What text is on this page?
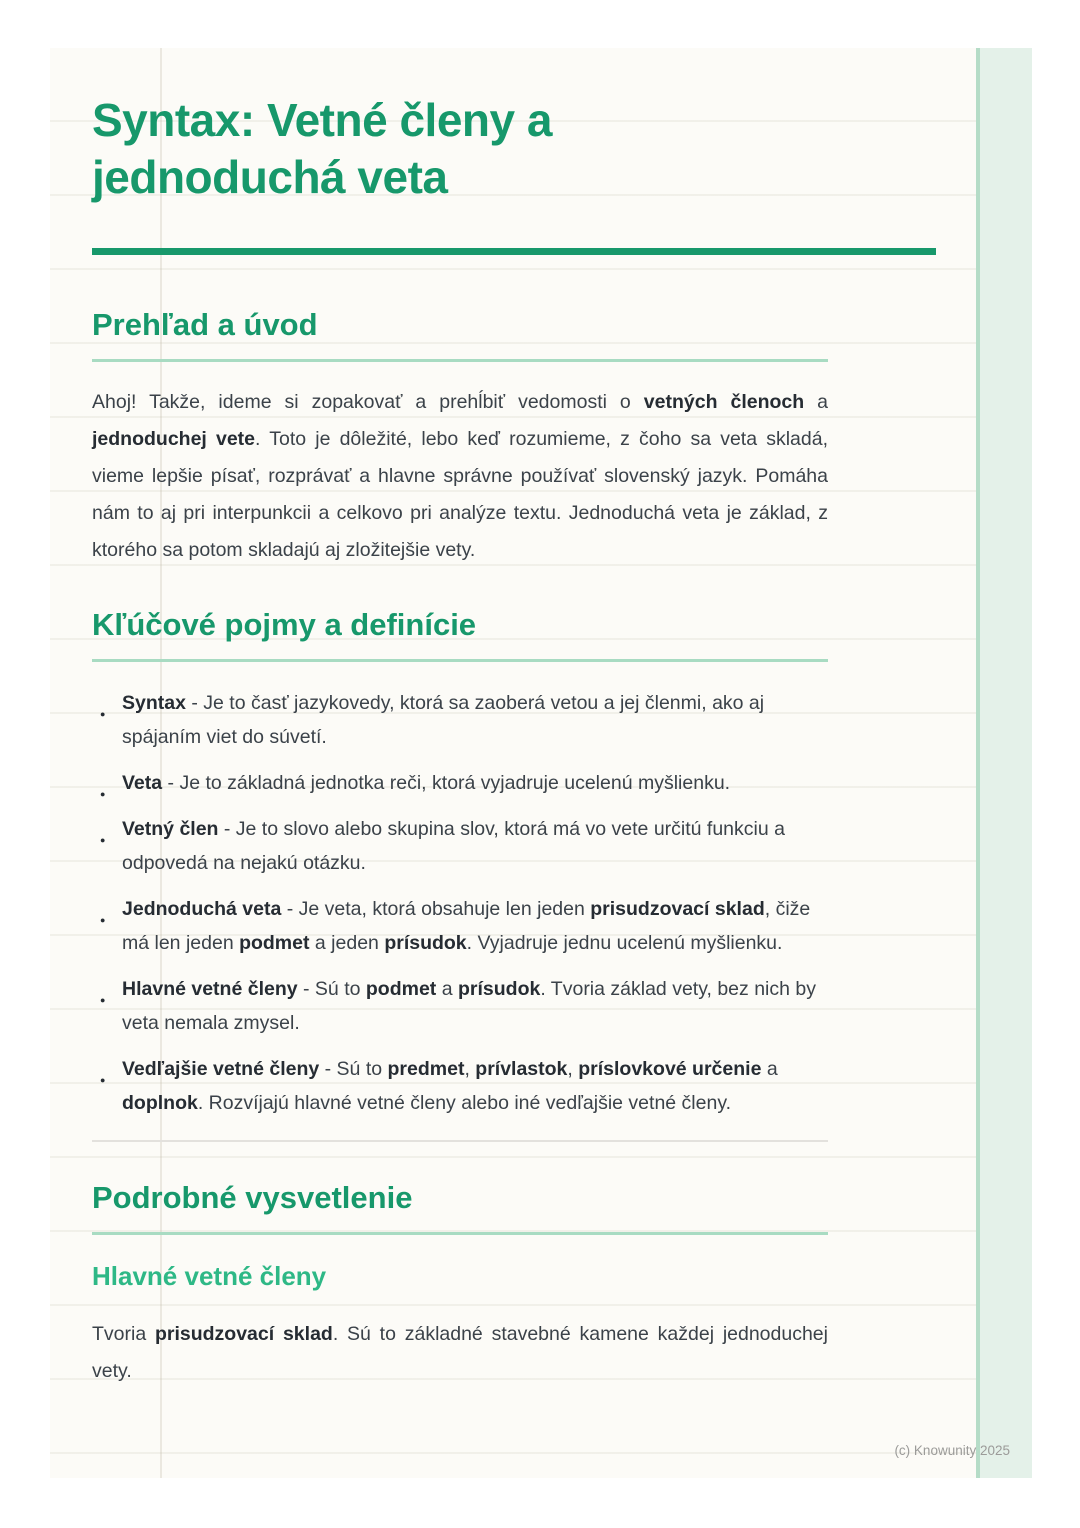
Syntax: Vetné členy a jednoduchá veta
Prehľad a úvod

Ahoj! Takže, ideme si zopakovať a prehĺbiť vedomosti o vetných členoch a jednoduchej vete. Toto je dôležité, lebo keď rozumieme, z čoho sa veta skladá, vieme lepšie písať, rozprávať a hlavne správne používať slovenský jazyk. Pomáha nám to aj pri interpunkcii a celkovo pri analýze textu. Jednoduchá veta je základ, z ktorého sa potom skladajú aj zložitejšie vety.

Kľúčové pojmy a definície
● Syntax - Je to časť jazykovedy, ktorá sa zaoberá vetou a jej členmi, ako aj spájaním viet do súvetí.
● Veta - Je to základná jednotka reči, ktorá vyjadruje ucelenú myšlienku.
● Vetný člen - Je to slovo alebo skupina slov, ktorá má vo vete určitú funkciu a odpovedá na nejakú otázku.
● Jednoduchá veta - Je veta, ktorá obsahuje len jeden prisudzovací sklad, čiže má len jeden podmet a jeden prísudok. Vyjadruje jednu ucelenú myšlienku.
● Hlavné vetné členy - Sú to podmet a prísudok. Tvoria základ vety, bez nich by veta nemala zmysel.
● Vedľajšie vetné členy - Sú to predmet, prívlastok, príslovkové určenie a doplnok. Rozvíjajú hlavné vetné členy alebo iné vedľajšie vetné členy.
Podrobné vysvetlenie
Hlavné vetné členy

Tvoria prisudzovací sklad. Sú to základné stavebné kamene každej jednoduchej vety.

(c) Knowunity 2025
